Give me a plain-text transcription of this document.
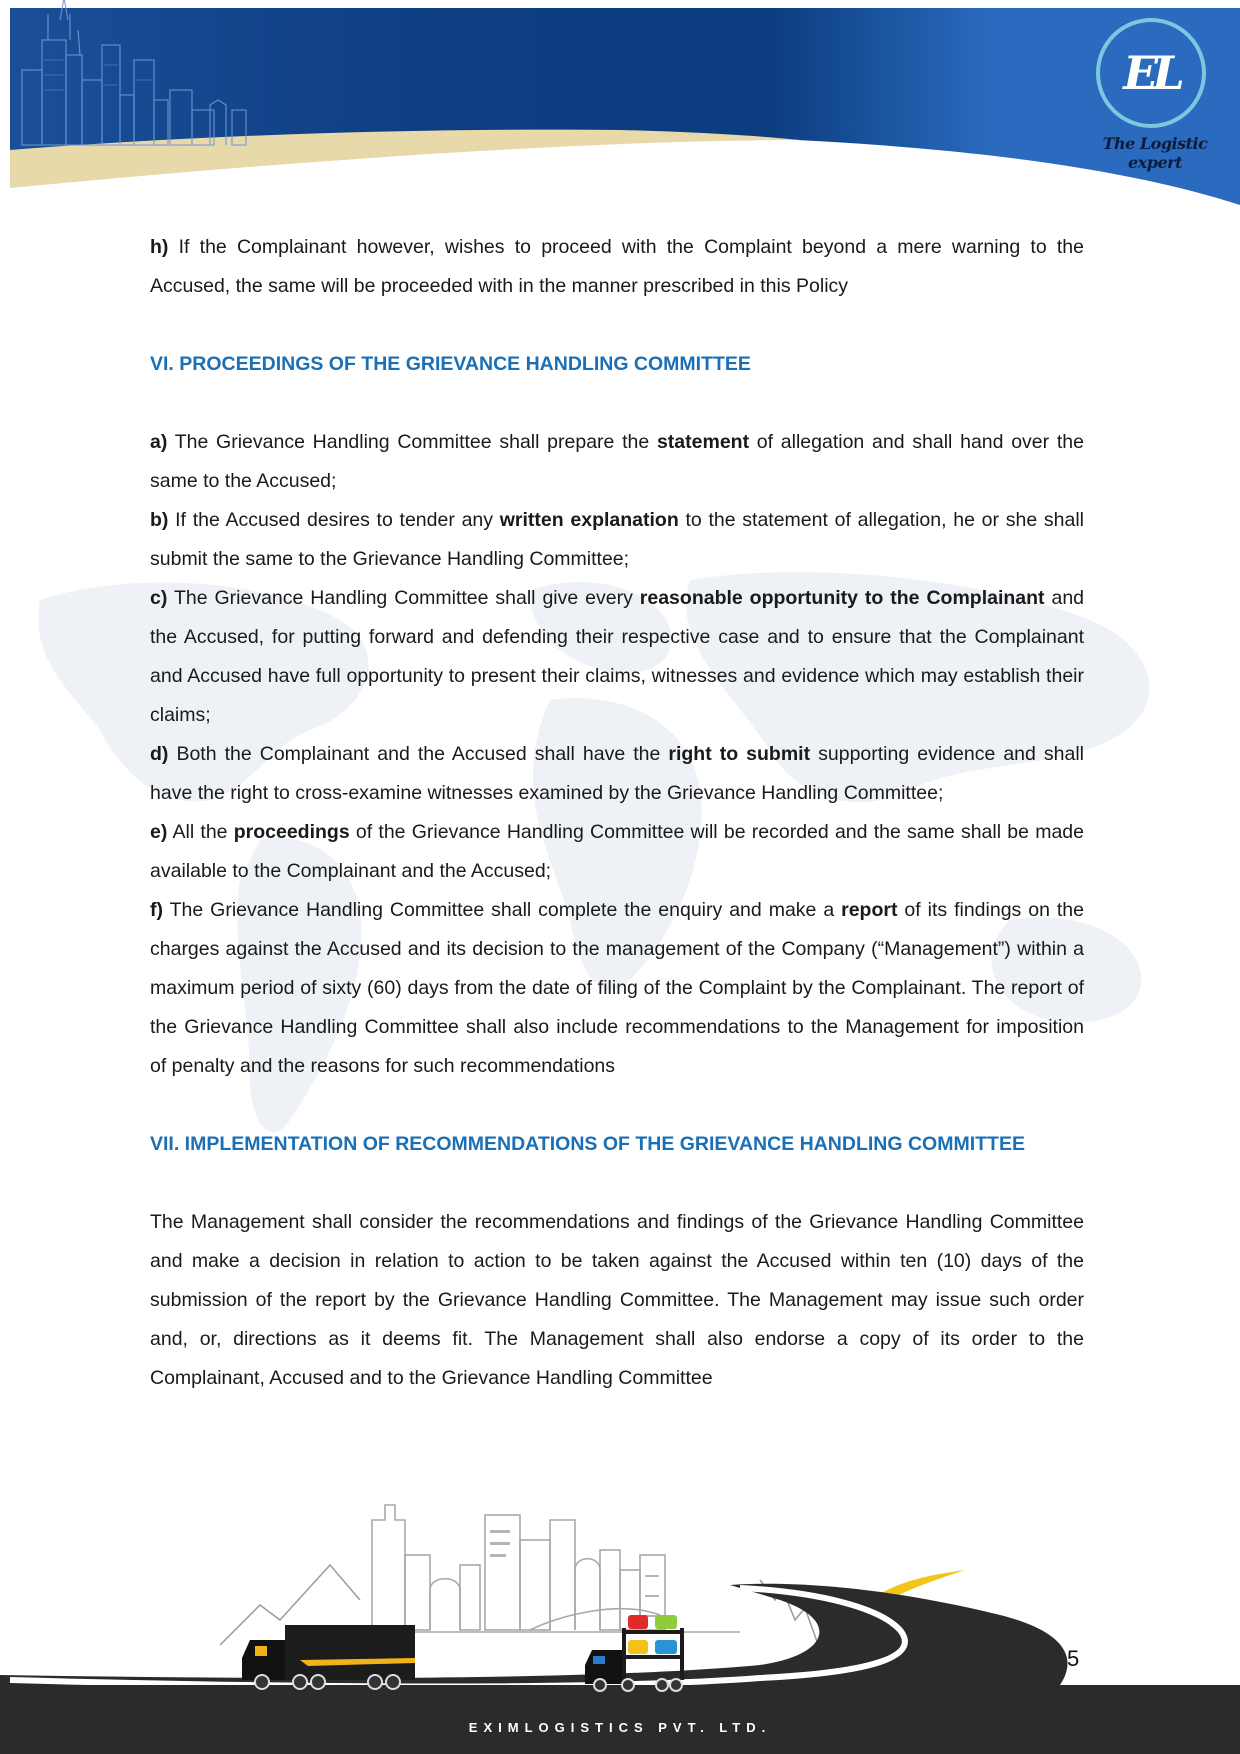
EL
The Logistic expert

h) If the Complainant however, wishes to proceed with the Complaint beyond a mere warning to the Accused, the same will be proceeded with in the manner prescribed in this Policy

VI. PROCEEDINGS OF THE GRIEVANCE HANDLING COMMITTEE

a) The Grievance Handling Committee shall prepare the statement of allegation and shall hand over the same to the Accused;

b) If the Accused desires to tender any written explanation to the statement of allegation, he or she shall submit the same to the Grievance Handling Committee;

c) The Grievance Handling Committee shall give every reasonable opportunity to the Complainant and the Accused, for putting forward and defending their respective case and to ensure that the Complainant and Accused have full opportunity to present their claims, witnesses and evidence which may establish their claims;

d) Both the Complainant and the Accused shall have the right to submit supporting evidence and shall have the right to cross-examine witnesses examined by the Grievance Handling Committee;

e) All the proceedings of the Grievance Handling Committee will be recorded and the same shall be made available to the Complainant and the Accused;

f) The Grievance Handling Committee shall complete the enquiry and make a report of its findings on the charges against the Accused and its decision to the management of the Company (“Management”) within a maximum period of sixty (60) days from the date of filing of the Complaint by the Complainant. The report of the Grievance Handling Committee shall also include recommendations to the Management for imposition of penalty and the reasons for such recommendations

VII. IMPLEMENTATION OF RECOMMENDATIONS OF THE GRIEVANCE HANDLING COMMITTEE

The Management shall consider the recommendations and findings of the Grievance Handling Committee and make a decision in relation to action to be taken against the Accused within ten (10) days of the submission of the report by the Grievance Handling Committee. The Management may issue such order and, or, directions as it deems fit. The Management shall also endorse a copy of its order to the Complainant, Accused and to the Grievance Handling Committee

5
EXIMLOGISTICS PVT. LTD.
